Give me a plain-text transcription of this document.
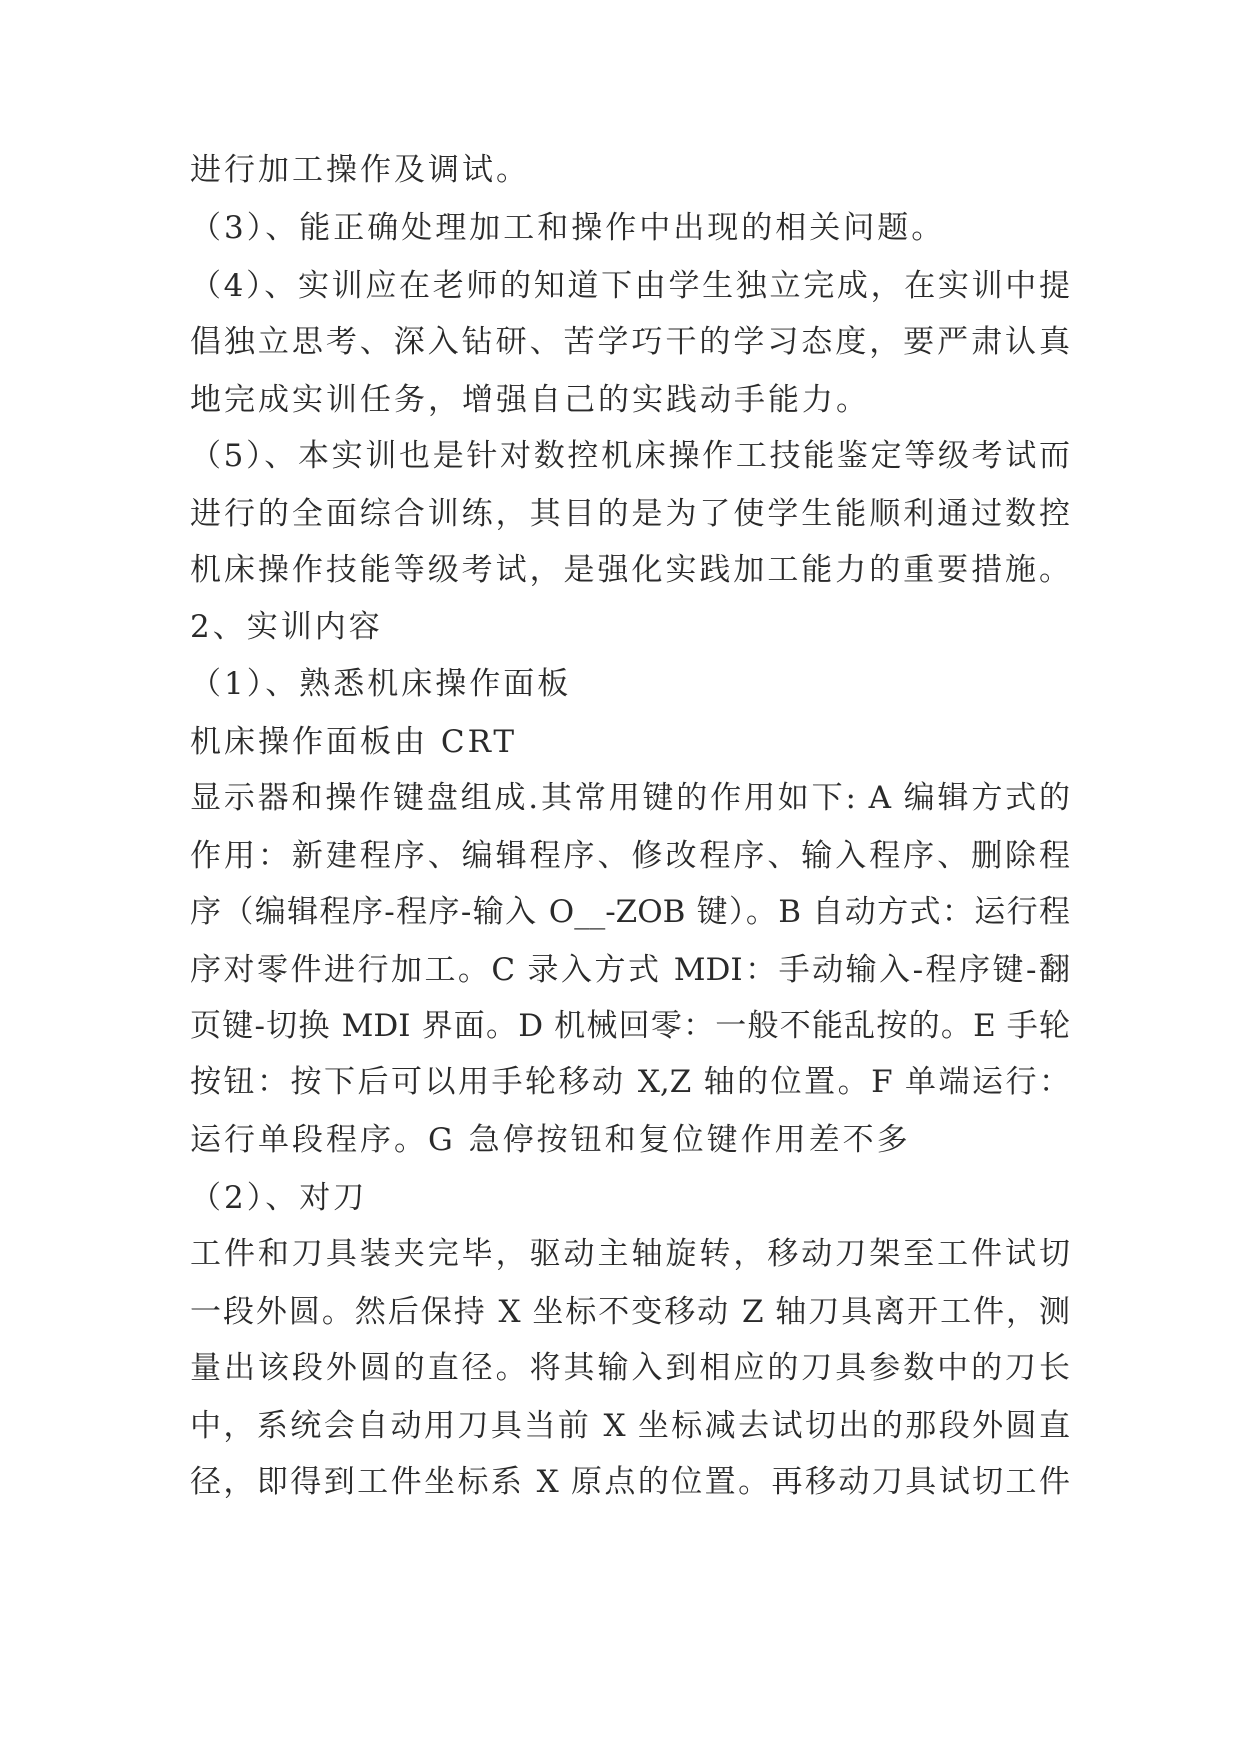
进行加工操作及调试。
（3）、能正确处理加工和操作中出现的相关问题。
（4）、实训应在老师的知道下由学生独立完成，在实训中提
倡独立思考、深入钻研、苦学巧干的学习态度，要严肃认真
地完成实训任务，增强自己的实践动手能力。
（5）、本实训也是针对数控机床操作工技能鉴定等级考试而
进行的全面综合训练，其目的是为了使学生能顺利通过数控
机床操作技能等级考试，是强化实践加工能力的重要措施。
2、实训内容
（1）、熟悉机床操作面板
机床操作面板由 CRT
显示器和操作键盘组成.其常用键的作用如下: A 编辑方式的
作用：新建程序、编辑程序、修改程序、输入程序、删除程
序（编辑程序-程序-输入 O__-ZOB 键）。B 自动方式：运行程
序对零件进行加工。C 录入方式 MDI：手动输入-程序键-翻
页键-切换 MDI 界面。D 机械回零：一般不能乱按的。E 手轮
按钮：按下后可以用手轮移动 X,Z 轴的位置。F 单端运行：
运行单段程序。G 急停按钮和复位键作用差不多
（2）、对刀
工件和刀具装夹完毕，驱动主轴旋转，移动刀架至工件试切
一段外圆。然后保持 X 坐标不变移动 Z 轴刀具离开工件，测
量出该段外圆的直径。将其输入到相应的刀具参数中的刀长
中，系统会自动用刀具当前 X 坐标减去试切出的那段外圆直
径，即得到工件坐标系 X 原点的位置。再移动刀具试切工件
